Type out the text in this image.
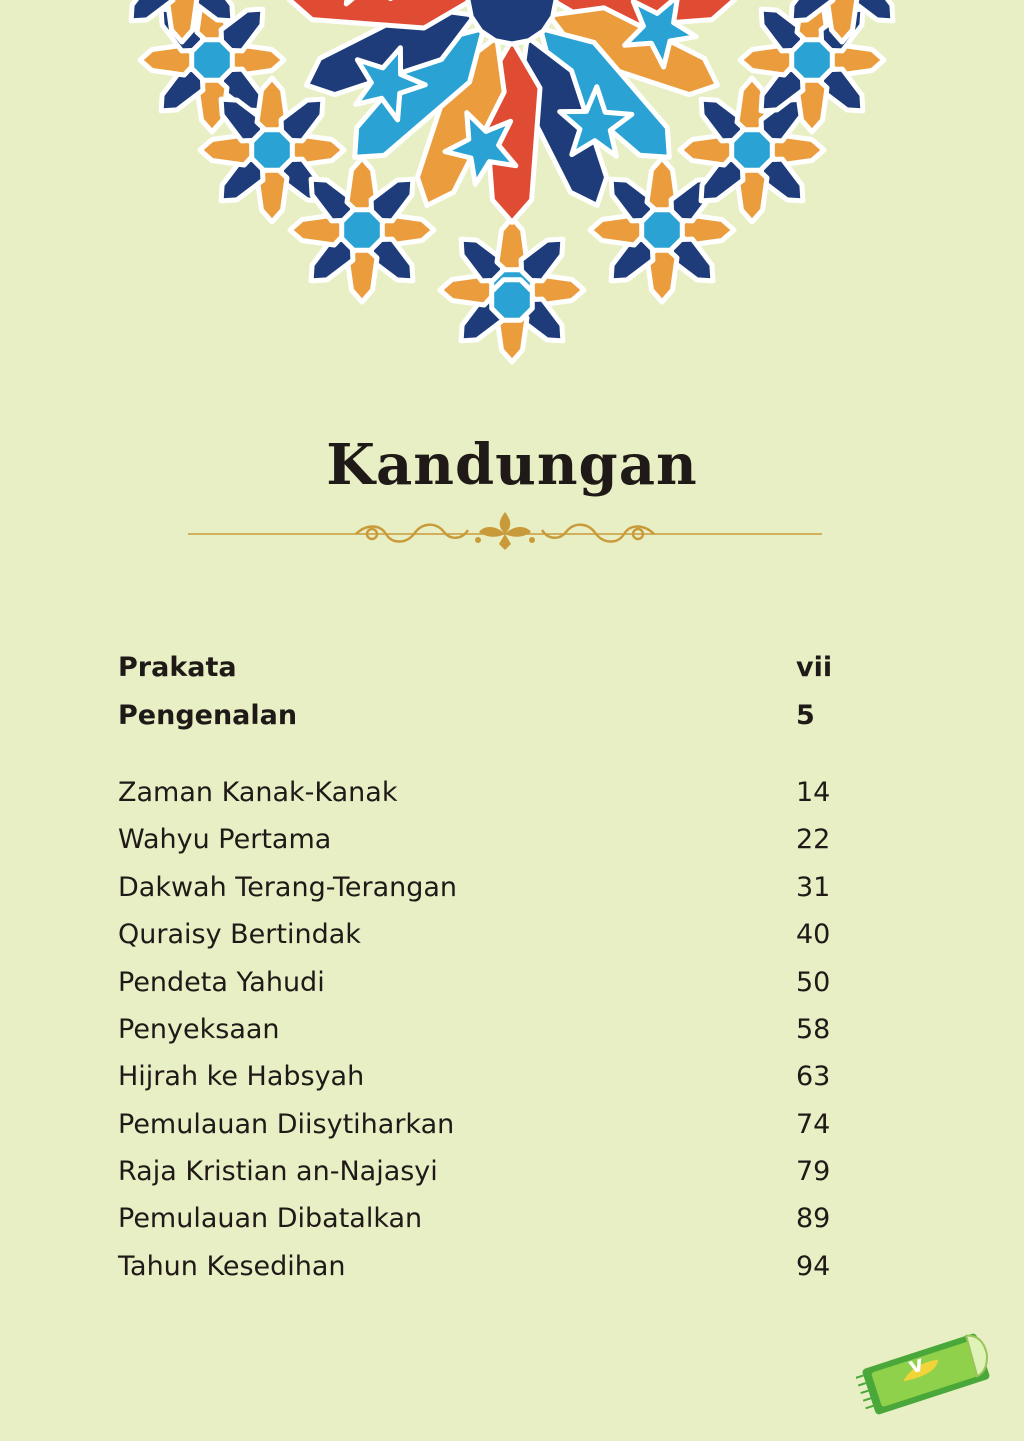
Kandungan
Prakata	vii
Pengenalan	5
Zaman Kanak-Kanak	14
Wahyu Pertama	22
Dakwah Terang-Terangan	31
Quraisy Bertindak	40
Pendeta Yahudi	50
Penyeksaan	58
Hijrah ke Habsyah	63
Pemulauan Diisytiharkan	74
Raja Kristian an-Najasyi	79
Pemulauan Dibatalkan	89
Tahun Kesedihan	94
v
